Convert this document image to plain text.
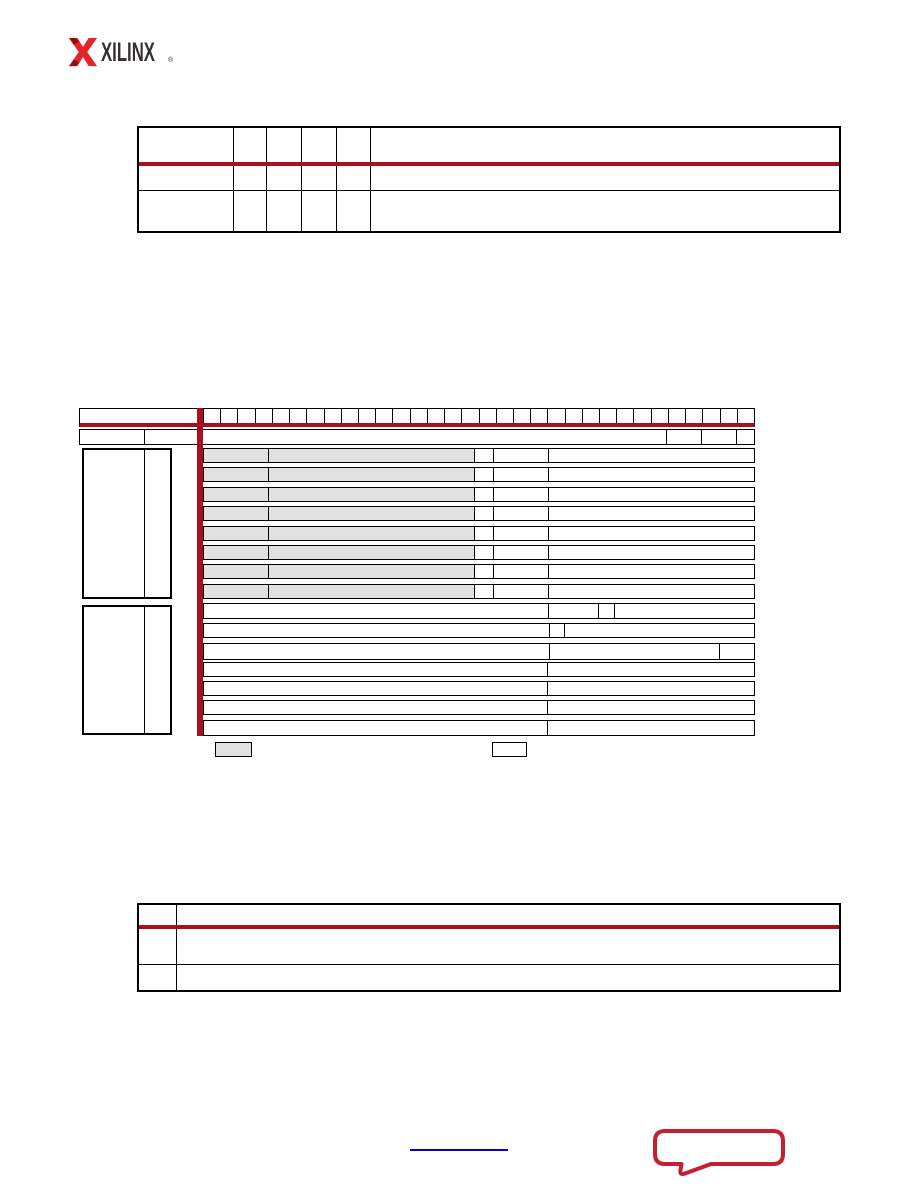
XILINX ®
